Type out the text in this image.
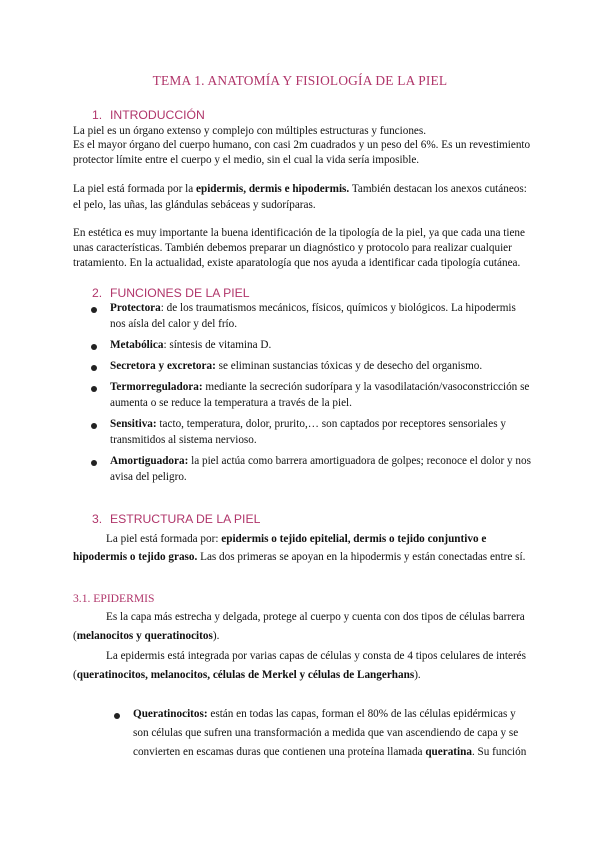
TEMA 1. ANATOMÍA Y FISIOLOGÍA DE LA PIEL
1. INTRODUCCIÓN
La piel es un órgano extenso y complejo con múltiples estructuras y funciones.
Es el mayor órgano del cuerpo humano, con casi 2m cuadrados y un peso del 6%. Es un revestimiento
protector límite entre el cuerpo y el medio, sin el cual la vida sería imposible.
La piel está formada por la epidermis, dermis e hipodermis. También destacan los anexos cutáneos:
el pelo, las uñas, las glándulas sebáceas y sudoríparas.
En estética es muy importante la buena identificación de la tipología de la piel, ya que cada una tiene
unas características. También debemos preparar un diagnóstico y protocolo para realizar cualquier
tratamiento. En la actualidad, existe aparatología que nos ayuda a identificar cada tipología cutánea.
2. FUNCIONES DE LA PIEL
Protectora: de los traumatismos mecánicos, físicos, químicos y biológicos. La hipodermis
nos aísla del calor y del frío.
Metabólica: síntesis de vitamina D.
Secretora y excretora: se eliminan sustancias tóxicas y de desecho del organismo.
Termorreguladora: mediante la secreción sudorípara y la vasodilatación/vasoconstricción se
aumenta o se reduce la temperatura a través de la piel.
Sensitiva: tacto, temperatura, dolor, prurito,… son captados por receptores sensoriales y
transmitidos al sistema nervioso.
Amortiguadora: la piel actúa como barrera amortiguadora de golpes; reconoce el dolor y nos
avisa del peligro.
3. ESTRUCTURA DE LA PIEL
La piel está formada por: epidermis o tejido epitelial, dermis o tejido conjuntivo e
hipodermis o tejido graso. Las dos primeras se apoyan en la hipodermis y están conectadas entre sí.
3.1. EPIDERMIS
Es la capa más estrecha y delgada, protege al cuerpo y cuenta con dos tipos de células barrera
(melanocitos y queratinocitos).
La epidermis está integrada por varias capas de células y consta de 4 tipos celulares de interés
(queratinocitos, melanocitos, células de Merkel y células de Langerhans).
Queratinocitos: están en todas las capas, forman el 80% de las células epidérmicas y
son células que sufren una transformación a medida que van ascendiendo de capa y se
convierten en escamas duras que contienen una proteína llamada queratina. Su función
